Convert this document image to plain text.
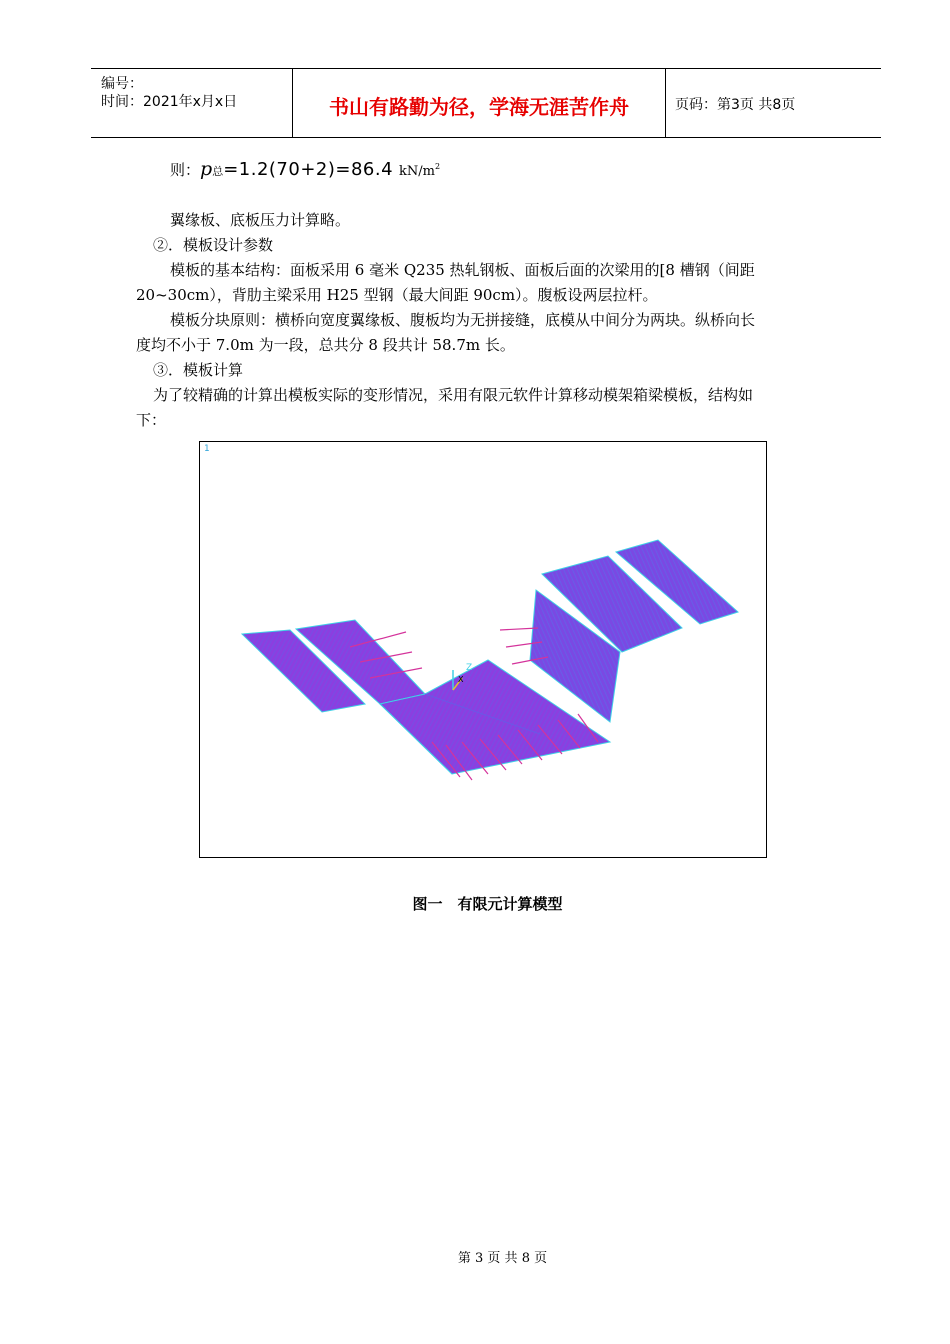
编号：
时间：2021年x月x日	书山有路勤为径，学海无涯苦作舟	页码：第3页 共8页
则：p总=1.2(70+2)=86.4 $kN/m^2$
翼缘板、底板压力计算略。
②．模板设计参数
模板的基本结构：面板采用 6 毫米 Q235 热轧钢板、面板后面的次梁用的[8 槽钢（间距
20~30cm），背肋主梁采用 H25 型钢（最大间距 90cm）。腹板设两层拉杆。
模板分块原则：横桥向宽度翼缘板、腹板均为无拼接缝，底模从中间分为两块。纵桥向长
度均不小于 7.0m 为一段，总共分 8 段共计 58.7m 长。
③．模板计算
为了较精确的计算出模板实际的变形情况，采用有限元软件计算移动模架箱梁模板，结构如
下：
1
Z
X
图一　有限元计算模型
第 3 页 共 8 页
